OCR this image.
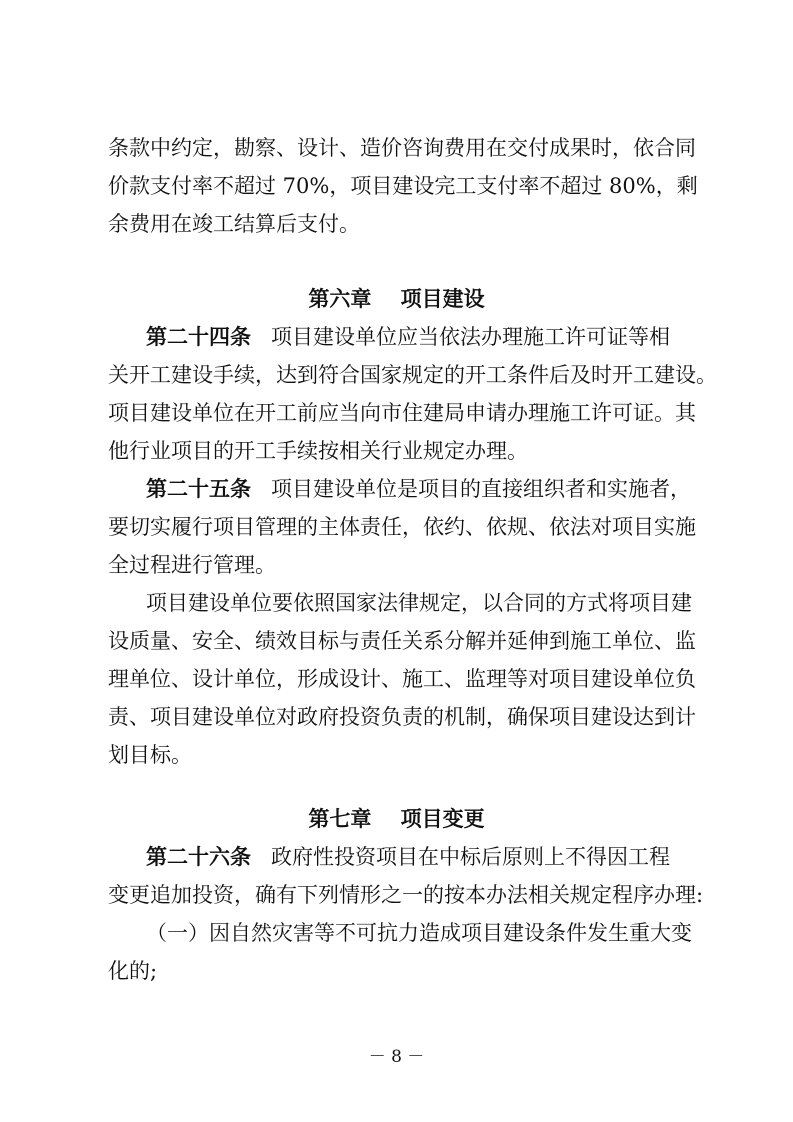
条款中约定，勘察、设计、造价咨询费用在交付成果时，依合同
价款支付率不超过 70%，项目建设完工支付率不超过 80%，剩
余费用在竣工结算后支付。
第六章    项目建设
第二十四条 项目建设单位应当依法办理施工许可证等相
关开工建设手续，达到符合国家规定的开工条件后及时开工建设。
项目建设单位在开工前应当向市住建局申请办理施工许可证。其
他行业项目的开工手续按相关行业规定办理。
第二十五条 项目建设单位是项目的直接组织者和实施者，
要切实履行项目管理的主体责任，依约、依规、依法对项目实施
全过程进行管理。
项目建设单位要依照国家法律规定，以合同的方式将项目建
设质量、安全、绩效目标与责任关系分解并延伸到施工单位、监
理单位、设计单位，形成设计、施工、监理等对项目建设单位负
责、项目建设单位对政府投资负责的机制，确保项目建设达到计
划目标。
第七章    项目变更
第二十六条 政府性投资项目在中标后原则上不得因工程
变更追加投资，确有下列情形之一的按本办法相关规定程序办理:
（一）因自然灾害等不可抗力造成项目建设条件发生重大变
化的;
－ 8 －
